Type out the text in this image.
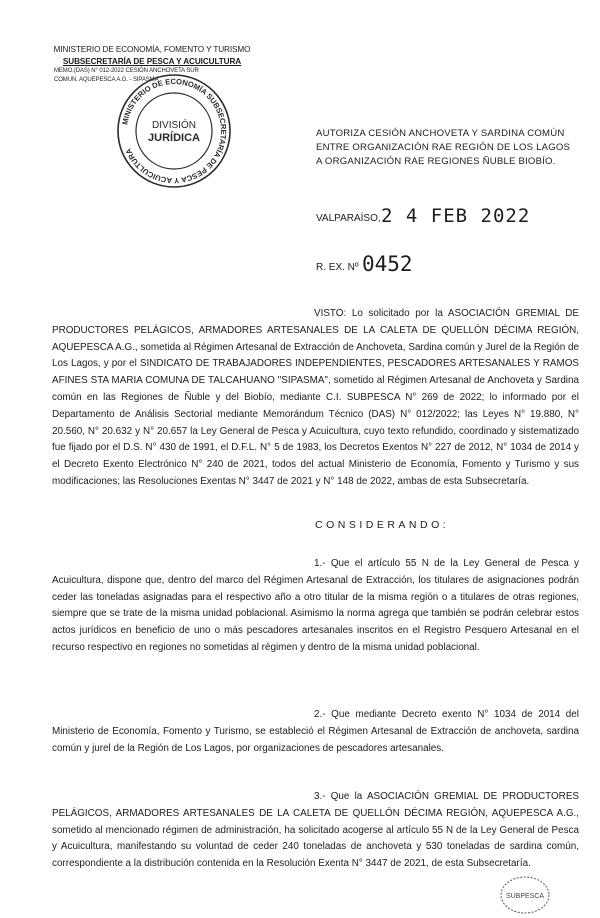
MINISTERIO DE ECONOMÍA, FOMENTO Y TURISMO
SUBSECRETARÍA DE PESCA Y ACUICULTURA
MEMO.(DAS) N° 012-2022 CESIÓN ANCHOVETA SUR
COMUN. AQUEPESCA A.G. - SIPASMA
MINISTERIO DE ECONOMÍA SUBSECRETARÍA DE PESCA Y ACUICULTURA
DIVISIÓN
JURÍDICA	AUTORIZA CESIÓN ANCHOVETA Y SARDINA COMÚN ENTRE ORGANIZACIÓN RAE REGIÓN DE LOS LAGOS A ORGANIZACIÓN RAE REGIONES ÑUBLE BIOBÍO.
VALPARAÍSO, 2 4 FEB 2022
R. EX. Nº 0452
VISTO: Lo solicitado por la ASOCIACIÓN GREMIAL DE PRODUCTORES PELÁGICOS, ARMADORES ARTESANALES DE LA CALETA DE QUELLÓN DÉCIMA REGIÓN, AQUEPESCA A.G., sometida al Régimen Artesanal de Extracción de Anchoveta, Sardina común y Jurel de la Región de Los Lagos, y por el SINDICATO DE TRABAJADORES INDEPENDIENTES, PESCADORES ARTESANALES Y RAMOS AFINES STA MARIA COMUNA DE TALCAHUANO "SIPASMA", sometido al Régimen Artesanal de Anchoveta y Sardina común en las Regiones de Ñuble y del Biobío, mediante C.I. SUBPESCA N° 269 de 2022; lo informado por el Departamento de Análisis Sectorial mediante Memorándum Técnico (DAS) N° 012/2022; las Leyes N° 19.880, N° 20.560, N° 20.632 y N° 20.657 la Ley General de Pesca y Acuicultura, cuyo texto refundido, coordinado y sistematizado fue fijado por el D.S. N° 430 de 1991, el D.F.L. N° 5 de 1983, los Decretos Exentos N° 227 de 2012, N° 1034 de 2014 y el Decreto Exento Electrónico N° 240 de 2021, todos del actual Ministerio de Economía, Fomento y Turismo y sus modificaciones; las Resoluciones Exentas N° 3447 de 2021 y N° 148 de 2022, ambas de esta Subsecretaría.
CONSIDERANDO:
1.- Que el artículo 55 N de la Ley General de Pesca y Acuicultura, dispone que, dentro del marco del Régimen Artesanal de Extracción, los titulares de asignaciones podrán ceder las toneladas asignadas para el respectivo año a otro titular de la misma región o a titulares de otras regiones, siempre que se trate de la misma unidad poblacional. Asimismo la norma agrega que también se podrán celebrar estos actos jurídicos en beneficio de uno o más pescadores artesanales inscritos en el Registro Pesquero Artesanal en el recurso respectivo en regiones no sometidas al régimen y dentro de la misma unidad poblacional.
2.- Que mediante Decreto exento N° 1034 de 2014 del Ministerio de Economía, Fomento y Turismo, se estableció el Régimen Artesanal de Extracción de anchoveta, sardina común y jurel de la Región de Los Lagos, por organizaciones de pescadores artesanales.
3.- Que la ASOCIACIÓN GREMIAL DE PRODUCTORES PELÁGICOS, ARMADORES ARTESANALES DE LA CALETA DE QUELLÓN DÉCIMA REGIÓN, AQUEPESCA A.G., sometido al mencionado régimen de administración, ha solicitado acogerse al artículo 55 N de la Ley General de Pesca y Acuicultura, manifestando su voluntad de ceder 240 toneladas de anchoveta y 530 toneladas de sardina común, correspondiente a la distribución contenida en la Resolución Exenta N° 3447 de 2021, de esta Subsecretaría.
SUBPESCA
